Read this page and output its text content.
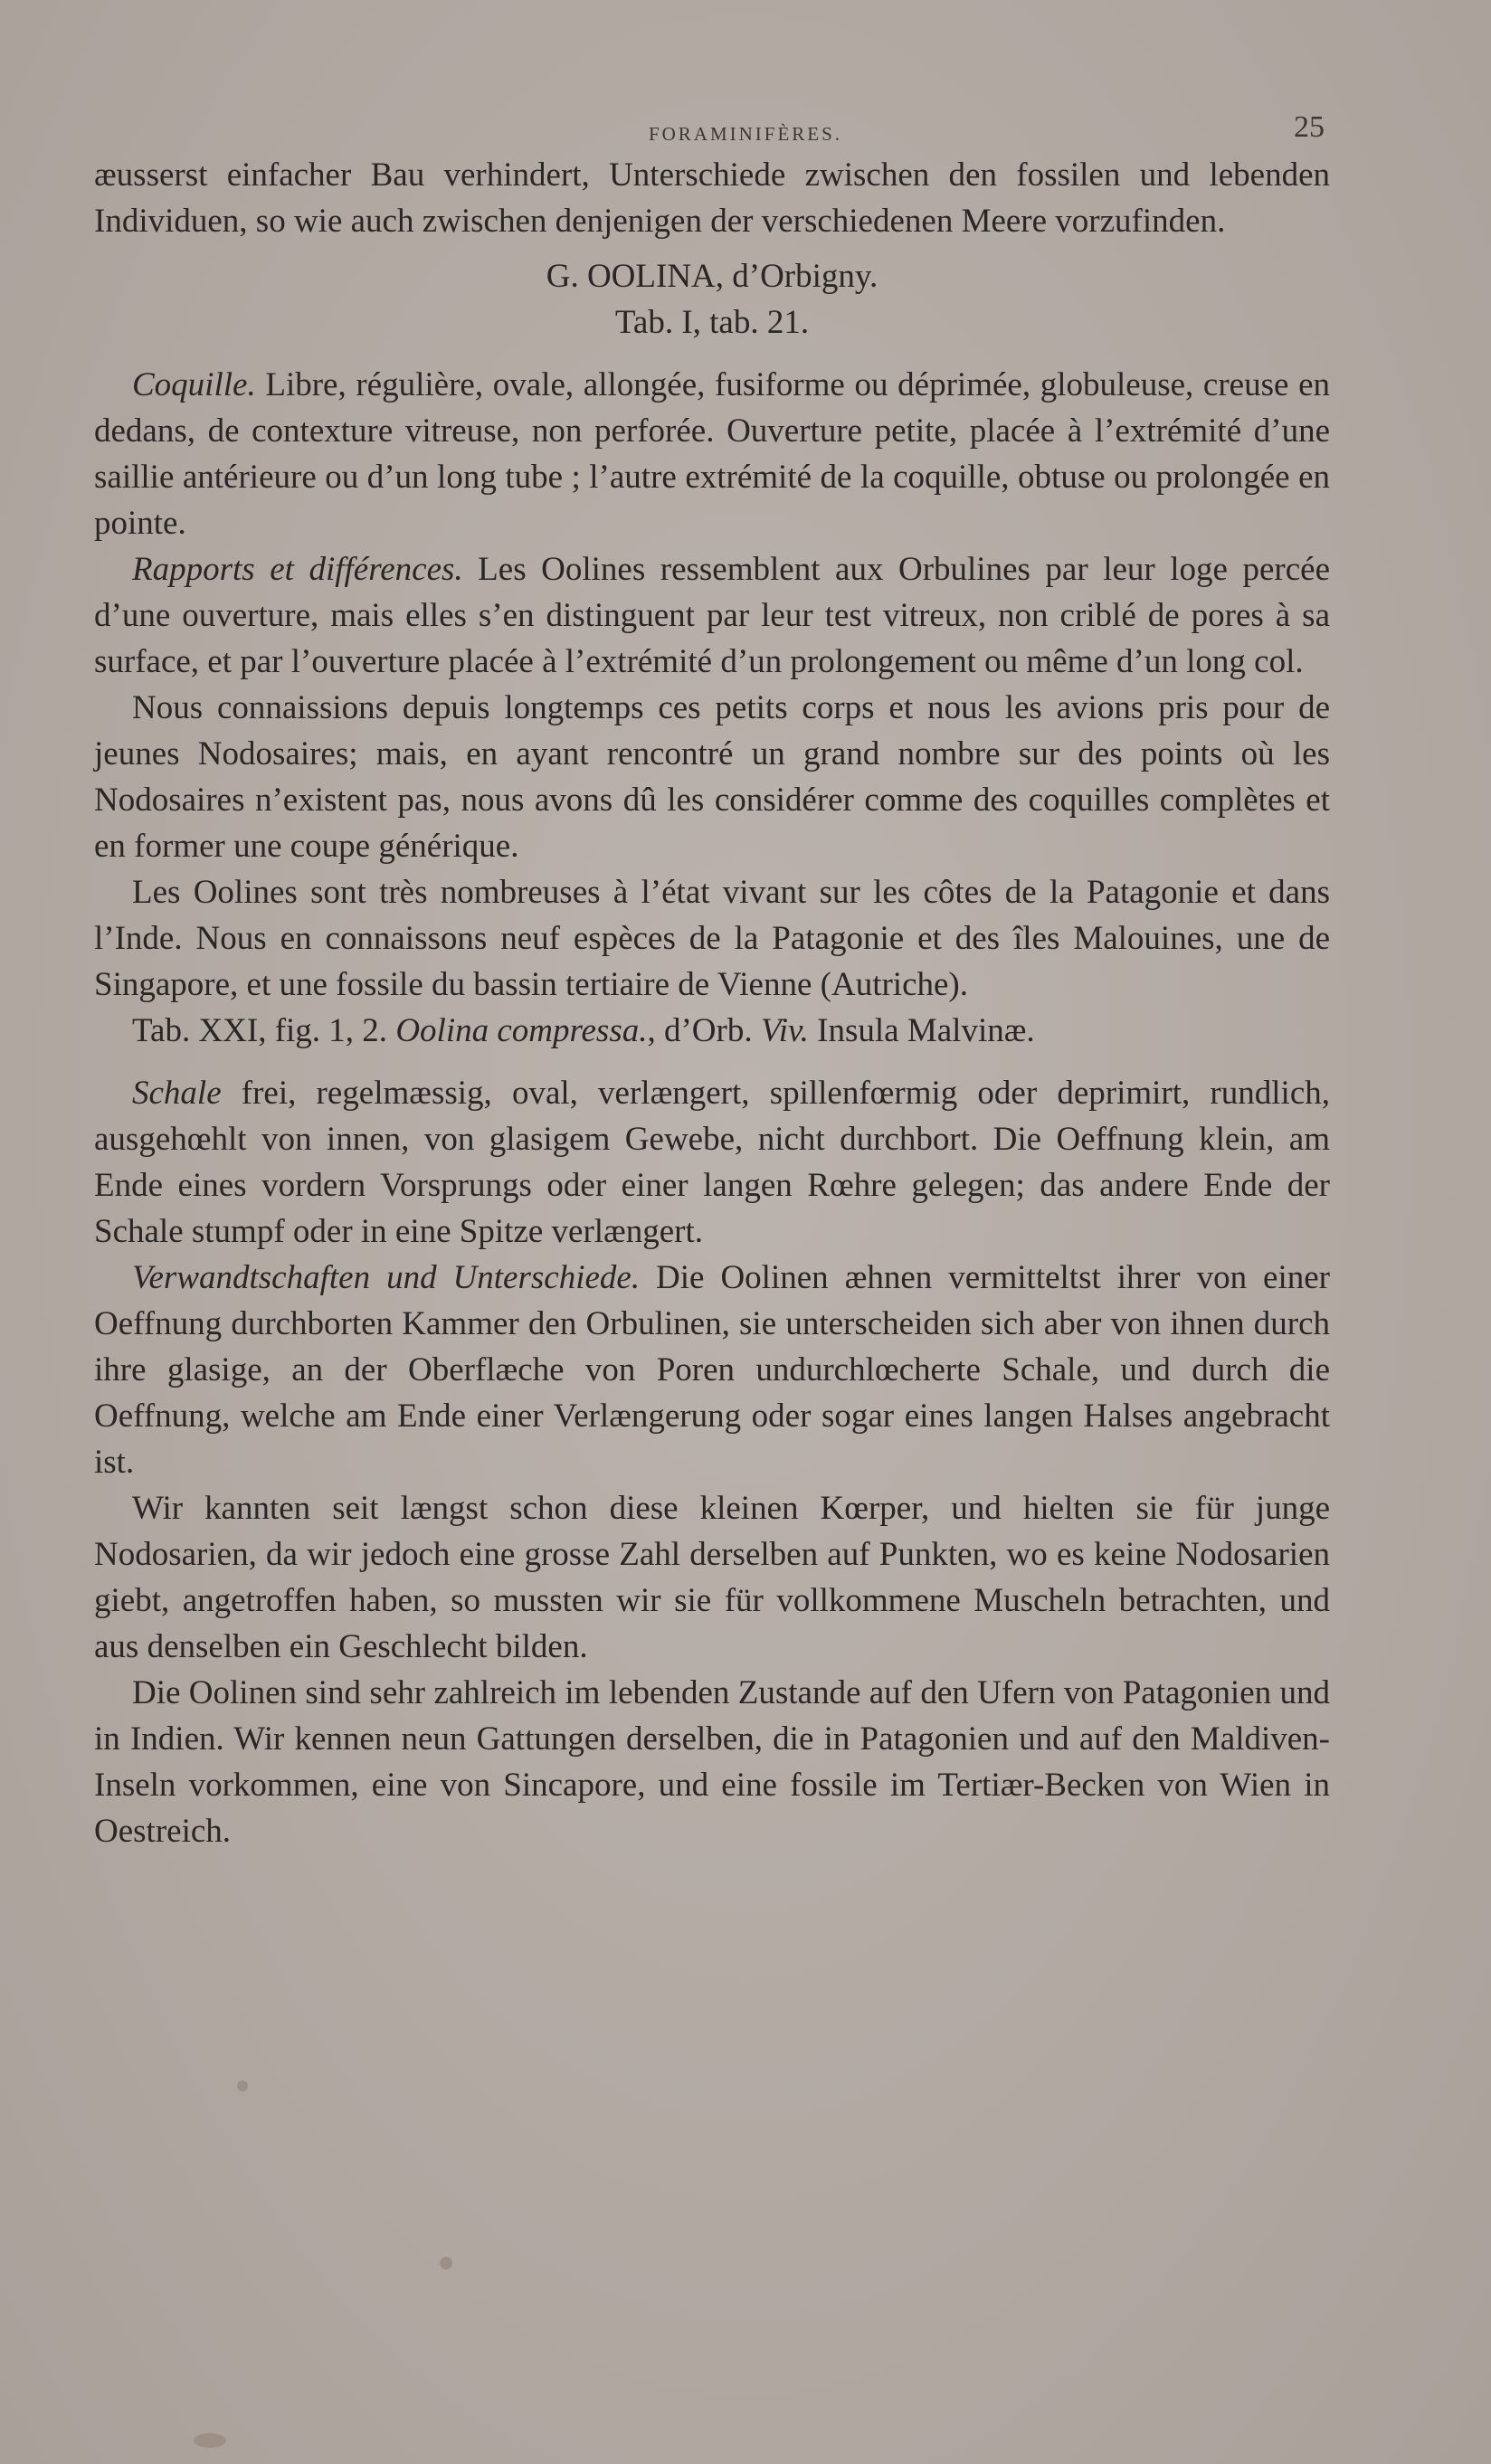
FORAMINIFÈRES.	25

æusserst einfacher Bau verhindert, Unterschiede zwischen den fossilen und lebenden Individuen, so wie auch zwischen denjenigen der verschiedenen Meere vorzufinden.

G. OOLINA, d’Orbigny.

Tab. I, tab. 21.

Coquille. Libre, régulière, ovale, allongée, fusiforme ou déprimée, globuleuse, creuse en dedans, de contexture vitreuse, non perforée. Ouverture petite, placée à l’extrémité d’une saillie antérieure ou d’un long tube ; l’autre extrémité de la coquille, obtuse ou prolongée en pointe.

Rapports et différences. Les Oolines ressemblent aux Orbulines par leur loge percée d’une ouverture, mais elles s’en distinguent par leur test vitreux, non criblé de pores à sa surface, et par l’ouverture placée à l’extrémité d’un prolongement ou même d’un long col.

Nous connaissions depuis longtemps ces petits corps et nous les avions pris pour de jeunes Nodosaires; mais, en ayant rencontré un grand nombre sur des points où les Nodosaires n’existent pas, nous avons dû les considérer comme des coquilles complètes et en former une coupe générique.

Les Oolines sont très nombreuses à l’état vivant sur les côtes de la Patagonie et dans l’Inde. Nous en connaissons neuf espèces de la Patagonie et des îles Malouines, une de Singapore, et une fossile du bassin tertiaire de Vienne (Autriche).

Tab. XXI, fig. 1, 2. Oolina compressa., d’Orb. Viv. Insula Malvinæ.

Schale frei, regelmæssig, oval, verlængert, spillenfœrmig oder deprimirt, rundlich, ausgehœhlt von innen, von glasigem Gewebe, nicht durchbort. Die Oeffnung klein, am Ende eines vordern Vorsprungs oder einer langen Rœhre gelegen; das andere Ende der Schale stumpf oder in eine Spitze verlængert.

Verwandtschaften und Unterschiede. Die Oolinen æhnen vermitteltst ihrer von einer Oeffnung durchborten Kammer den Orbulinen, sie unterscheiden sich aber von ihnen durch ihre glasige, an der Oberflæche von Poren undurchlœcherte Schale, und durch die Oeffnung, welche am Ende einer Verlængerung oder sogar eines langen Halses angebracht ist.

Wir kannten seit længst schon diese kleinen Kœrper, und hielten sie für junge Nodosarien, da wir jedoch eine grosse Zahl derselben auf Punkten, wo es keine Nodosarien giebt, angetroffen haben, so mussten wir sie für vollkommene Muscheln betrachten, und aus denselben ein Geschlecht bilden.

Die Oolinen sind sehr zahlreich im lebenden Zustande auf den Ufern von Patagonien und in Indien. Wir kennen neun Gattungen derselben, die in Patagonien und auf den Maldiven-Inseln vorkommen, eine von Sincapore, und eine fossile im Tertiær-Becken von Wien in Oestreich.
